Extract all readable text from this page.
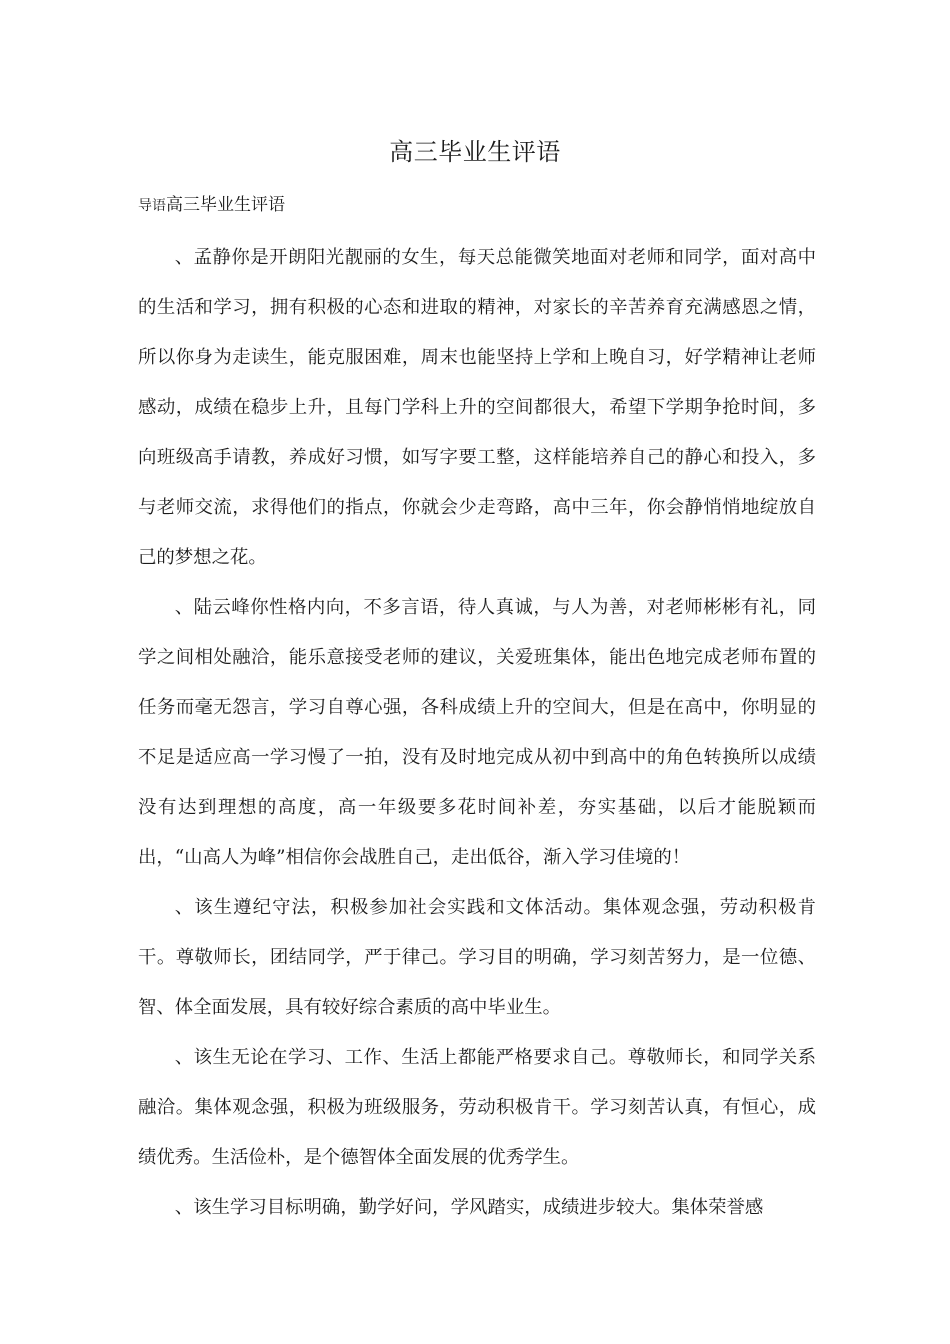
高三毕业生评语
导语高三毕业生评语

、孟静你是开朗阳光靓丽的女生，每天总能微笑地面对老师和同学，面对高中的生活和学习，拥有积极的心态和进取的精神，对家长的辛苦养育充满感恩之情，所以你身为走读生，能克服困难，周末也能坚持上学和上晚自习，好学精神让老师感动，成绩在稳步上升，且每门学科上升的空间都很大，希望下学期争抢时间，多向班级高手请教，养成好习惯，如写字要工整，这样能培养自己的静心和投入，多与老师交流，求得他们的指点，你就会少走弯路，高中三年，你会静悄悄地绽放自己的梦想之花。

、陆云峰你性格内向，不多言语，待人真诚，与人为善，对老师彬彬有礼，同学之间相处融洽，能乐意接受老师的建议，关爱班集体，能出色地完成老师布置的任务而毫无怨言，学习自尊心强，各科成绩上升的空间大，但是在高中，你明显的不足是适应高一学习慢了一拍，没有及时地完成从初中到高中的角色转换所以成绩没有达到理想的高度，高一年级要多花时间补差，夯实基础，以后才能脱颖而出，“山高人为峰”相信你会战胜自己，走出低谷，渐入学习佳境的！

、该生遵纪守法，积极参加社会实践和文体活动。集体观念强，劳动积极肯干。尊敬师长，团结同学，严于律己。学习目的明确，学习刻苦努力，是一位德、智、体全面发展，具有较好综合素质的高中毕业生。

、该生无论在学习、工作、生活上都能严格要求自己。尊敬师长，和同学关系融洽。集体观念强，积极为班级服务，劳动积极肯干。学习刻苦认真，有恒心，成绩优秀。生活俭朴，是个德智体全面发展的优秀学生。

、该生学习目标明确，勤学好问，学风踏实，成绩进步较大。集体荣誉感
